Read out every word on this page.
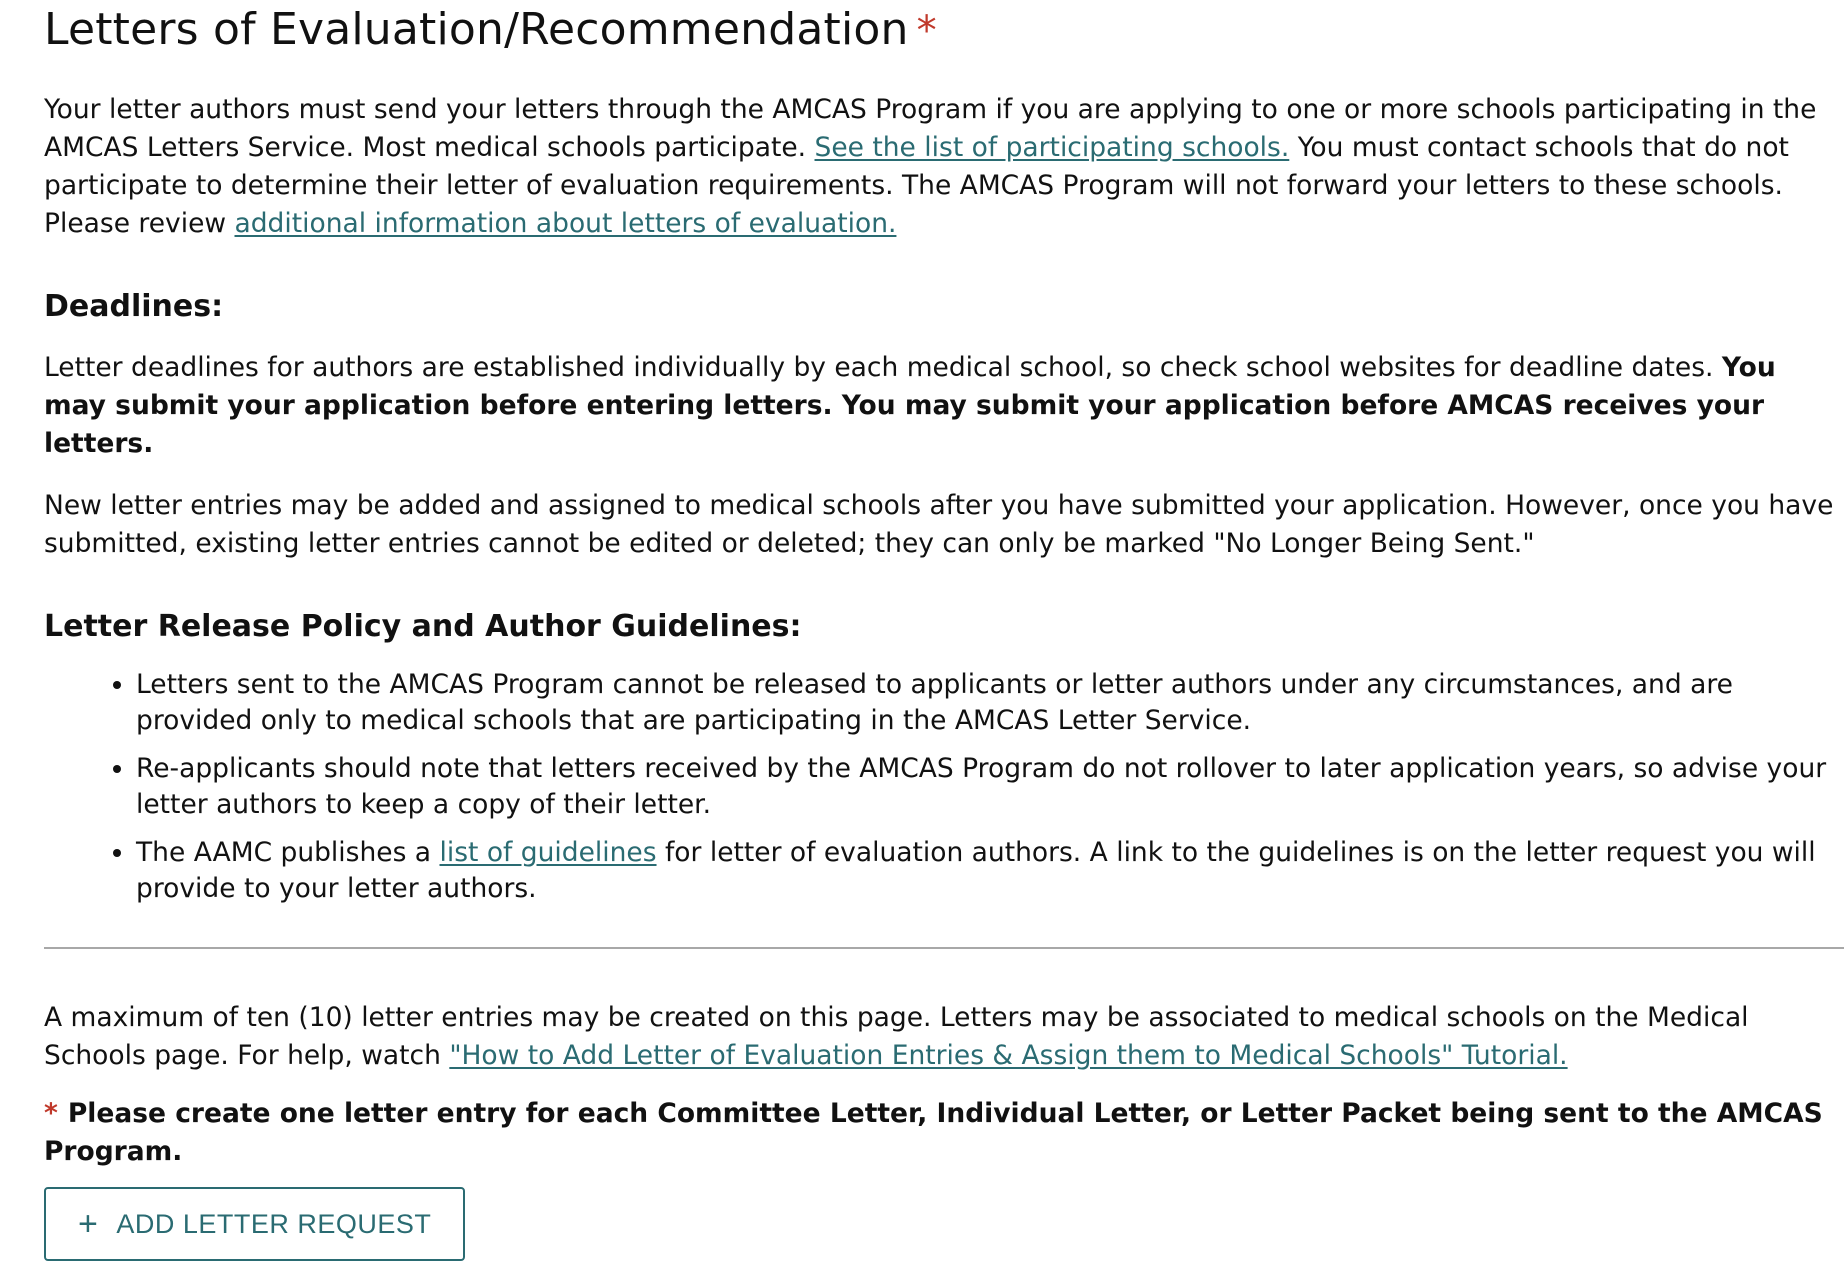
Letters of Evaluation/Recommendation *

Your letter authors must send your letters through the AMCAS Program if you are applying to one or more schools participating in the AMCAS Letters Service. Most medical schools participate. See the list of participating schools. You must contact schools that do not participate to determine their letter of evaluation requirements. The AMCAS Program will not forward your letters to these schools. Please review additional information about letters of evaluation.

Deadlines:

Letter deadlines for authors are established individually by each medical school, so check school websites for deadline dates. You may submit your application before entering letters. You may submit your application before AMCAS receives your letters.

New letter entries may be added and assigned to medical schools after you have submitted your application. However, once you have submitted, existing letter entries cannot be edited or deleted; they can only be marked "No Longer Being Sent."

Letter Release Policy and Author Guidelines:
• Letters sent to the AMCAS Program cannot be released to applicants or letter authors under any circumstances, and are provided only to medical schools that are participating in the AMCAS Letter Service.
• Re-applicants should note that letters received by the AMCAS Program do not rollover to later application years, so advise your letter authors to keep a copy of their letter.
• The AAMC publishes a list of guidelines for letter of evaluation authors. A link to the guidelines is on the letter request you will provide to your letter authors.

A maximum of ten (10) letter entries may be created on this page. Letters may be associated to medical schools on the Medical Schools page. For help, watch "How to Add Letter of Evaluation Entries & Assign them to Medical Schools" Tutorial.

* Please create one letter entry for each Committee Letter, Individual Letter, or Letter Packet being sent to the AMCAS Program.

+ ADD LETTER REQUEST
